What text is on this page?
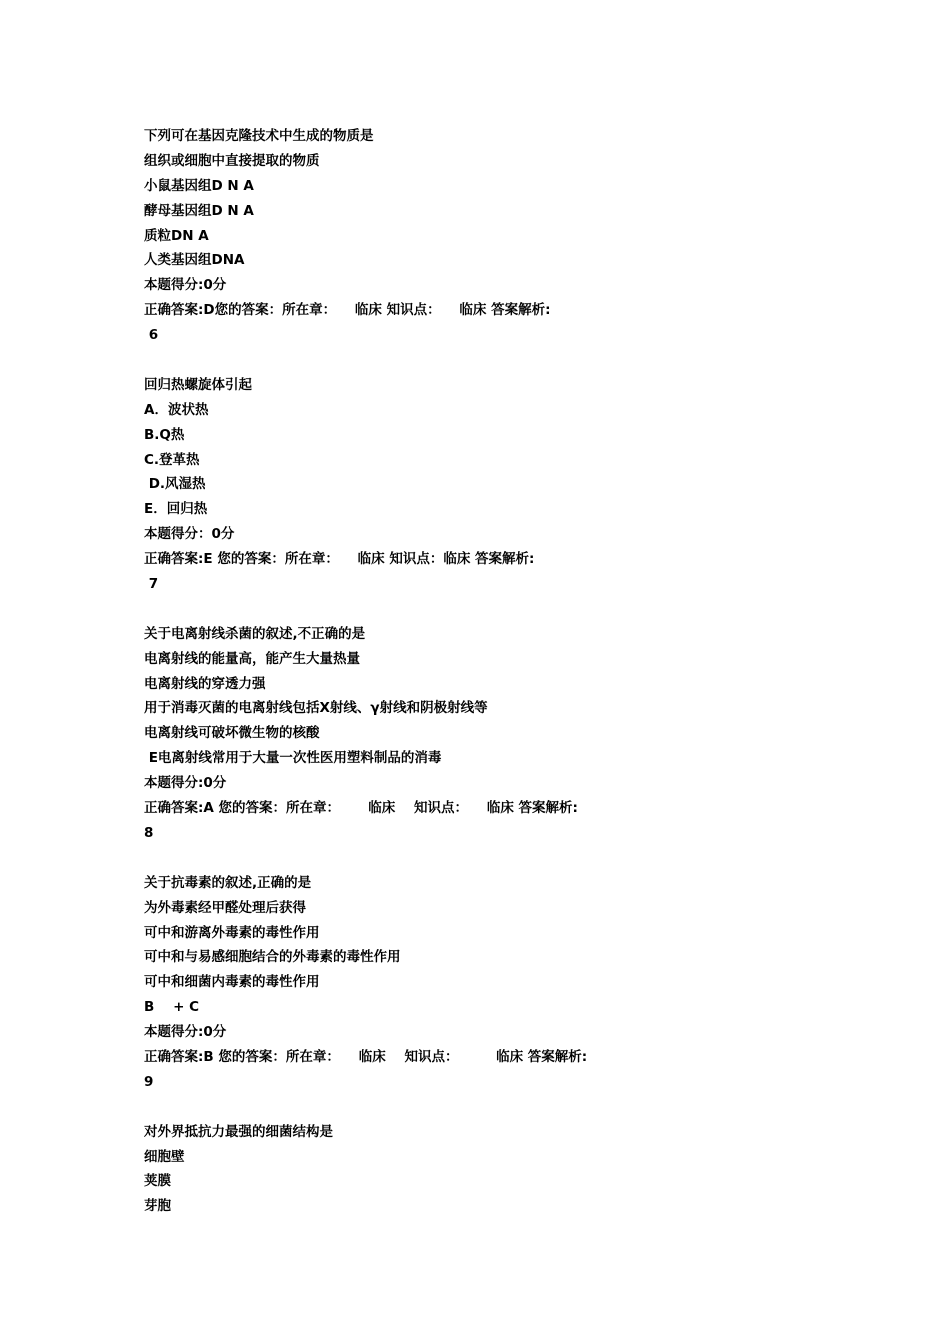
下列可在基因克隆技术中生成的物质是
组织或细胞中直接提取的物质
小鼠基因组D N A
酵母基因组D N A
质粒DN A
人类基因组DNA
本题得分:0分
正确答案:D您的答案：所在章：    临床 知识点：    临床 答案解析:
6
回归热螺旋体引起
A．波状热
B.Q热
C.登革热
D.风湿热
E．回归热
本题得分：0分
正确答案:E 您的答案：所在章：    临床 知识点：临床 答案解析:
7
关于电离射线杀菌的叙述,不正确的是
电离射线的能量高，能产生大量热量
电离射线的穿透力强
用于消毒灭菌的电离射线包括X射线、γ射线和阴极射线等
电离射线可破坏微生物的核酸
E电离射线常用于大量一次性医用塑料制品的消毒
本题得分:0分
正确答案:A 您的答案：所在章：      临床    知识点：    临床 答案解析:
8
关于抗毒素的叙述,正确的是
为外毒素经甲醛处理后获得
可中和游离外毒素的毒性作用
可中和与易感细胞结合的外毒素的毒性作用
可中和细菌内毒素的毒性作用
B    + C
本题得分:0分
正确答案:B 您的答案：所在章：    临床    知识点：        临床 答案解析:
9
对外界抵抗力最强的细菌结构是
细胞壁
荚膜
芽胞
